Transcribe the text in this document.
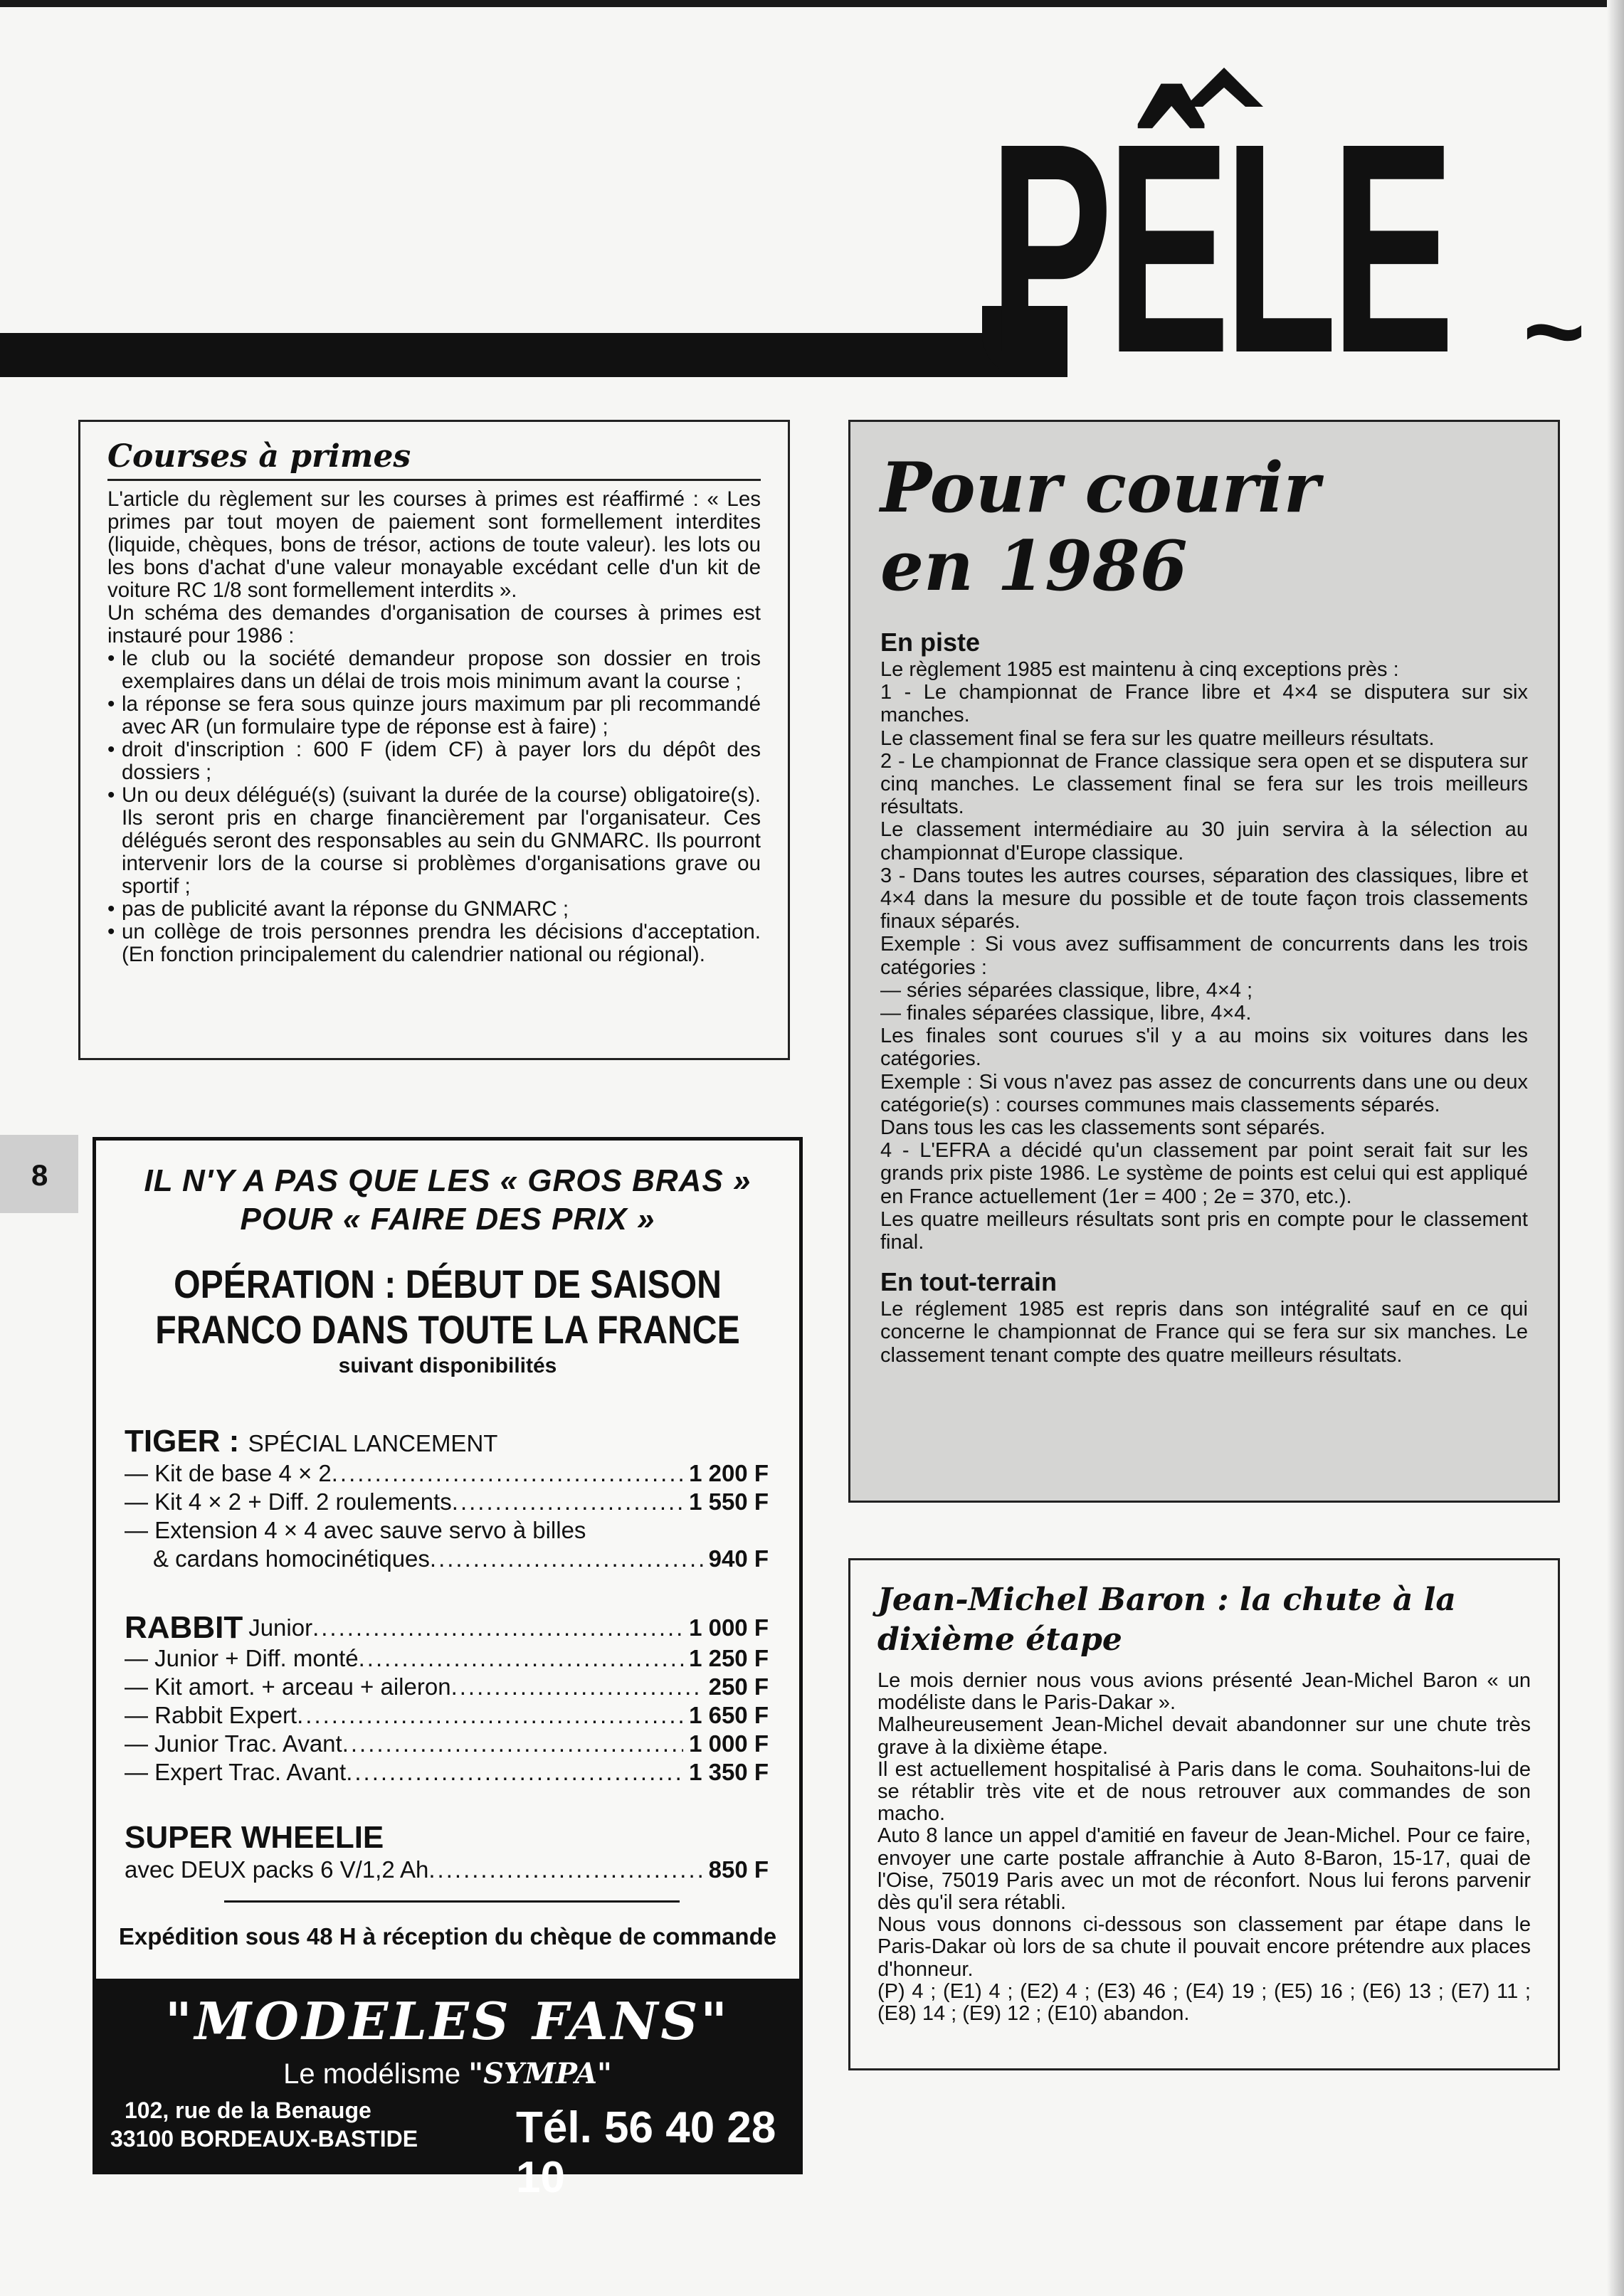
PÊLE ~
8
Courses à primes

L'article du règlement sur les courses à primes est réaffirmé : « Les primes par tout moyen de paiement sont formellement interdites (liquide, chèques, bons de trésor, actions de toute valeur). les lots ou les bons d'achat d'une valeur monayable excédant celle d'un kit de voiture RC 1/8 sont formellement interdits ».

Un schéma des demandes d'organisation de courses à primes est instauré pour 1986 :

• le club ou la société demandeur propose son dossier en trois exemplaires dans un délai de trois mois minimum avant la course ;
• la réponse se fera sous quinze jours maximum par pli recommandé avec AR (un formulaire type de réponse est à faire) ;
• droit d'inscription : 600 F (idem CF) à payer lors du dépôt des dossiers ;
• Un ou deux délégué(s) (suivant la durée de la course) obligatoire(s). Ils seront pris en charge financièrement par l'organisateur. Ces délégués seront des responsables au sein du GNMARC. Ils pourront intervenir lors de la course si problèmes d'organisations grave ou sportif ;
• pas de publicité avant la réponse du GNMARC ;
• un collège de trois personnes prendra les décisions d'acceptation. (En fonction principalement du calendrier national ou régional).
Pour courir
en 1986
En piste

Le règlement 1985 est maintenu à cinq exceptions près :

1 - Le championnat de France libre et 4×4 se disputera sur six manches.

Le classement final se fera sur les quatre meilleurs résultats.

2 - Le championnat de France classique sera open et se disputera sur cinq manches. Le classement final se fera sur les trois meilleurs résultats.

Le classement intermédiaire au 30 juin servira à la sélection au championnat d'Europe classique.

3 - Dans toutes les autres courses, séparation des classiques, libre et 4×4 dans la mesure du possible et de toute façon trois classements finaux séparés.

Exemple : Si vous avez suffisamment de concurrents dans les trois catégories :

— séries séparées classique, libre, 4×4 ;

— finales séparées classique, libre, 4×4.

Les finales sont courues s'il y a au moins six voitures dans les catégories.

Exemple : Si vous n'avez pas assez de concurrents dans une ou deux catégorie(s) : courses communes mais classements séparés.

Dans tous les cas les classements sont séparés.

4 - L'EFRA a décidé qu'un classement par point serait fait sur les grands prix piste 1986. Le système de points est celui qui est appliqué en France actuellement (1er = 400 ; 2e = 370, etc.).

Les quatre meilleurs résultats sont pris en compte pour le classement final.

En tout-terrain

Le réglement 1985 est repris dans son intégralité sauf en ce qui concerne le championnat de France qui se fera sur six manches. Le classement tenant compte des quatre meilleurs résultats.

Jean-Michel Baron : la chute à la dixième étape

Le mois dernier nous vous avions présenté Jean-Michel Baron « un modéliste dans le Paris-Dakar ».

Malheureusement Jean-Michel devait abandonner sur une chute très grave à la dixième étape.

Il est actuellement hospitalisé à Paris dans le coma. Souhaitons-lui de se rétablir très vite et de nous retrouver aux commandes de son macho.

Auto 8 lance un appel d'amitié en faveur de Jean-Michel. Pour ce faire, envoyer une carte postale affranchie à Auto 8-Baron, 15-17, quai de l'Oise, 75019 Paris avec un mot de réconfort. Nous lui ferons parvenir dès qu'il sera rétabli.

Nous vous donnons ci-dessous son classement par étape dans le Paris-Dakar où lors de sa chute il pouvait encore prétendre aux places d'honneur.

(P) 4 ; (E1) 4 ; (E2) 4 ; (E3) 46 ; (E4) 19 ; (E5) 16 ; (E6) 13 ; (E7) 11 ; (E8) 14 ; (E9) 12 ; (E10) abandon.

IL N'Y A PAS QUE LES « GROS BRAS »
POUR « FAIRE DES PRIX »
OPÉRATION : DÉBUT DE SAISON
FRANCO DANS TOUTE LA FRANCE
suivant disponibilités
TIGER : SPÉCIAL LANCEMENT
— Kit de base 4 × 2 .....	1 200 F
— Kit 4 × 2 + Diff. 2 roulements .....	1 550 F
— Extension 4 × 4 avec sauve servo à billes
& cardans homocinétiques .....	940 F
RABBIT Junior .....	1 000 F
— Junior + Diff. monté .....	1 250 F
— Kit amort. + arceau + aileron .....	250 F
— Rabbit Expert .....	1 650 F
— Junior Trac. Avant .....	1 000 F
— Expert Trac. Avant .....	1 350 F
SUPER WHEELIE
avec DEUX packs 6 V/1,2 Ah .....	850 F
Expédition sous 48 H à réception du chèque de commande
"MODELES FANS"
Le modélisme "SYMPA"
102, rue de la Benauge
33100 BORDEAUX-BASTIDE Tél. 56 40 28 10
